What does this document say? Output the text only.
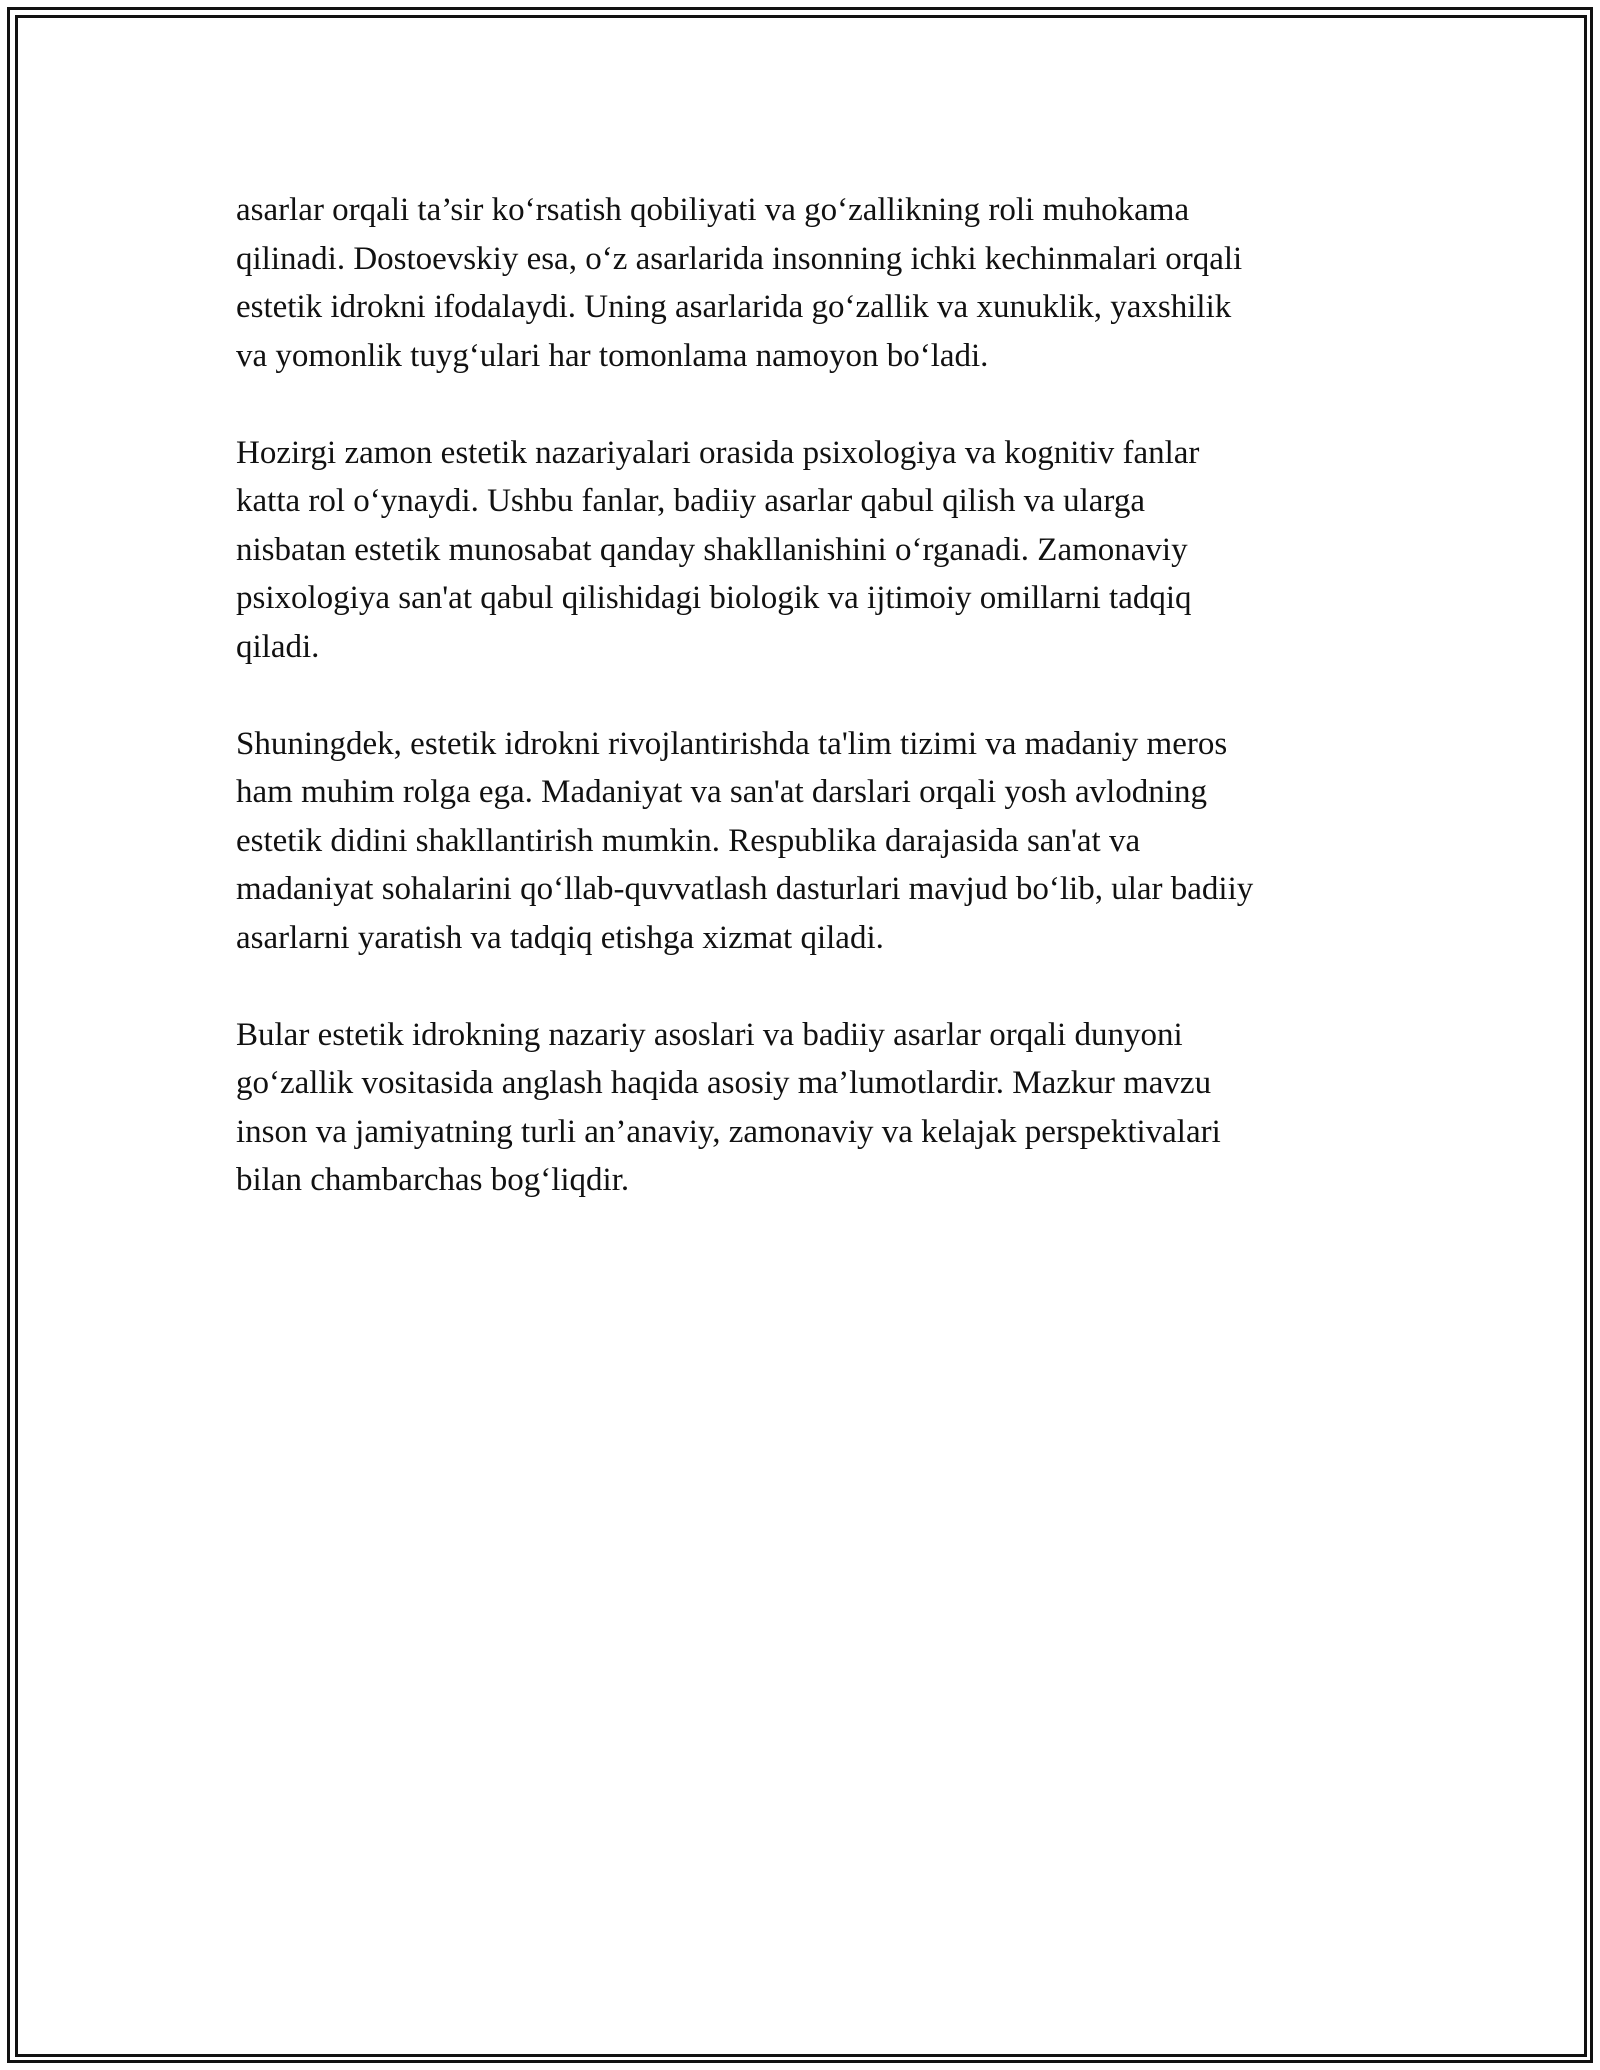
asarlar orqali ta’sir ko‘rsatish qobiliyati va go‘zallikning roli muhokama
qilinadi. Dostoevskiy esa, o‘z asarlarida insonning ichki kechinmalari orqali
estetik idrokni ifodalaydi. Uning asarlarida go‘zallik va xunuklik, yaxshilik
va yomonlik tuyg‘ulari har tomonlama namoyon bo‘ladi.

Hozirgi zamon estetik nazariyalari orasida psixologiya va kognitiv fanlar
katta rol o‘ynaydi. Ushbu fanlar, badiiy asarlar qabul qilish va ularga
nisbatan estetik munosabat qanday shakllanishini o‘rganadi. Zamonaviy
psixologiya san'at qabul qilishidagi biologik va ijtimoiy omillarni tadqiq
qiladi.

Shuningdek, estetik idrokni rivojlantirishda ta'lim tizimi va madaniy meros
ham muhim rolga ega. Madaniyat va san'at darslari orqali yosh avlodning
estetik didini shakllantirish mumkin. Respublika darajasida san'at va
madaniyat sohalarini qo‘llab-quvvatlash dasturlari mavjud bo‘lib, ular badiiy
asarlarni yaratish va tadqiq etishga xizmat qiladi.

Bular estetik idrokning nazariy asoslari va badiiy asarlar orqali dunyoni
go‘zallik vositasida anglash haqida asosiy ma’lumotlardir. Mazkur mavzu
inson va jamiyatning turli an’anaviy, zamonaviy va kelajak perspektivalari
bilan chambarchas bog‘liqdir.
